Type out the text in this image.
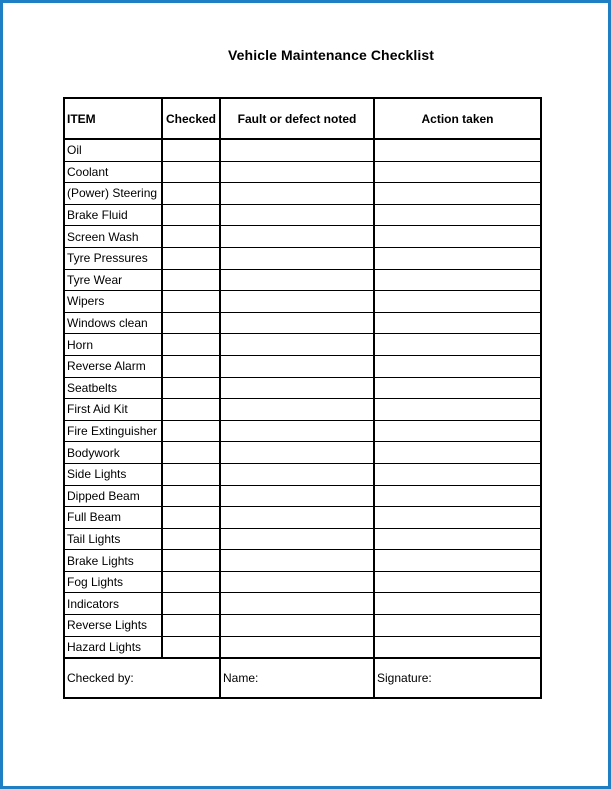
Vehicle Maintenance Checklist
ITEM	Checked	Fault or defect noted	Action taken
Oil			
Coolant			
(Power) Steering			
Brake Fluid			
Screen Wash			
Tyre Pressures			
Tyre Wear			
Wipers			
Windows clean			
Horn			
Reverse Alarm			
Seatbelts			
First Aid Kit			
Fire Extinguisher			
Bodywork			
Side Lights			
Dipped Beam			
Full Beam			
Tail Lights			
Brake Lights			
Fog Lights			
Indicators			
Reverse Lights			
Hazard Lights			
Checked by:		Name:	Signature:
